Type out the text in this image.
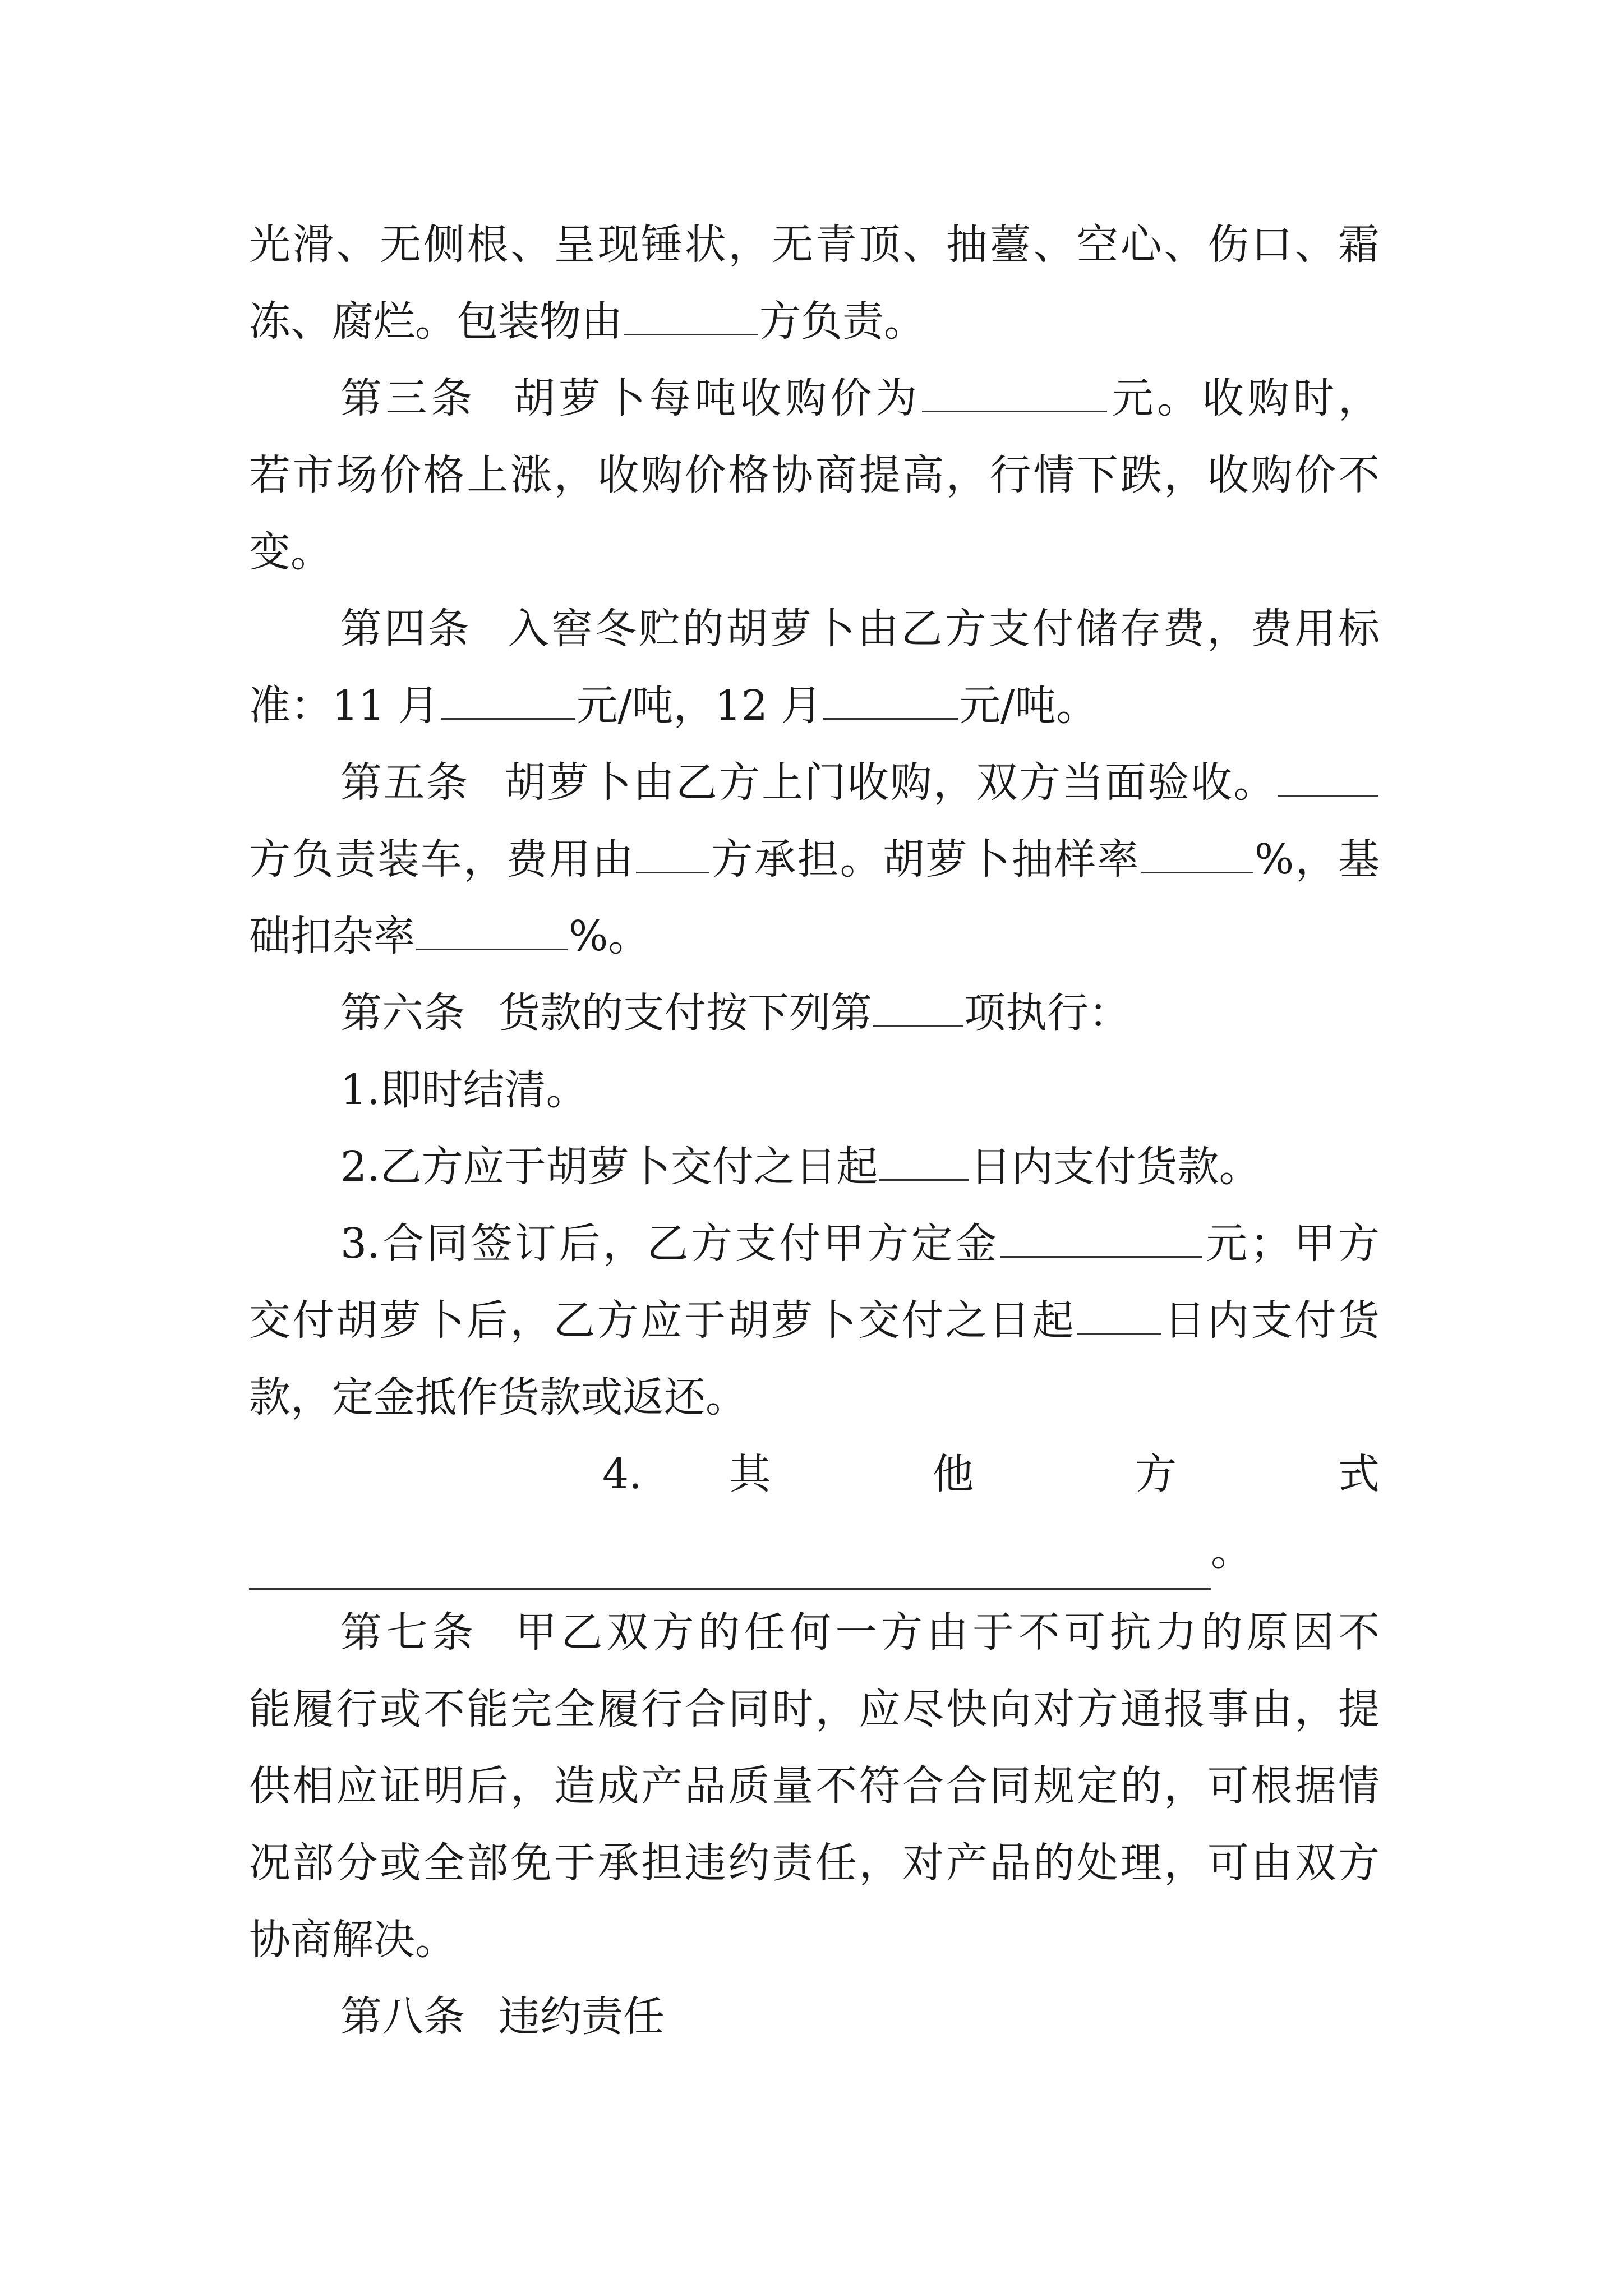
光滑、无侧根、呈现锤状，无青顶、抽薹、空心、伤口、霜

冻、腐烂。包装物由	方负责。

第三条 胡萝卜每吨收购价为	元。收购时，

若市场价格上涨，收购价格协商提高，行情下跌，收购价不

变。

第四条 入窖冬贮的胡萝卜由乙方支付储存费，费用标

准：11 月	元/吨，12 月	元/吨。

第五条 胡萝卜由乙方上门收购，双方当面验收。

方负责装车，费用由 方承担。胡萝卜抽样率	%，基

础扣杂率	%。

第六条 货款的支付按下列第 项执行：

1.即时结清。

2.乙方应于胡萝卜交付之日起 日内支付货款。

3.合同签订后，乙方支付甲方定金	元；甲方

交付胡萝卜后，乙方应于胡萝卜交付之日起 日内支付货

款，定金抵作货款或返还。

4. 其 他 方 式

。

第七条 甲乙双方的任何一方由于不可抗力的原因不

能履行或不能完全履行合同时，应尽快向对方通报事由，提

供相应证明后，造成产品质量不符合合同规定的，可根据情

况部分或全部免于承担违约责任，对产品的处理，可由双方

协商解决。

第八条 违约责任
